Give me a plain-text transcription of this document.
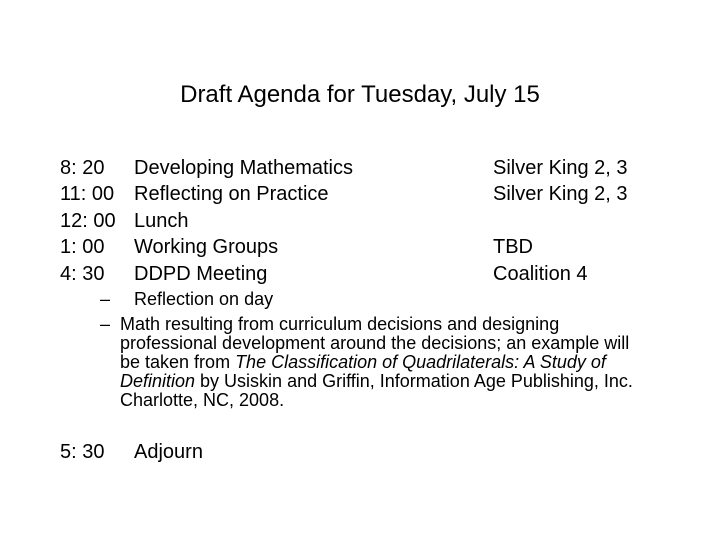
Draft Agenda for Tuesday, July 15
8: 20 Developing Mathematics	Silver King 2, 3
11: 00 Reflecting on Practice	Silver King 2, 3
12: 00 Lunch
1: 00 Working Groups	TBD
4: 30 DDPD Meeting	Coalition 4
– Reflection on day
– Math resulting from curriculum decisions and designing professional development around the decisions; an example will be taken from The Classification of Quadrilaterals: A Study of Definition by Usiskin and Griffin, Information Age Publishing, Inc. Charlotte, NC, 2008.
5: 30 Adjourn
